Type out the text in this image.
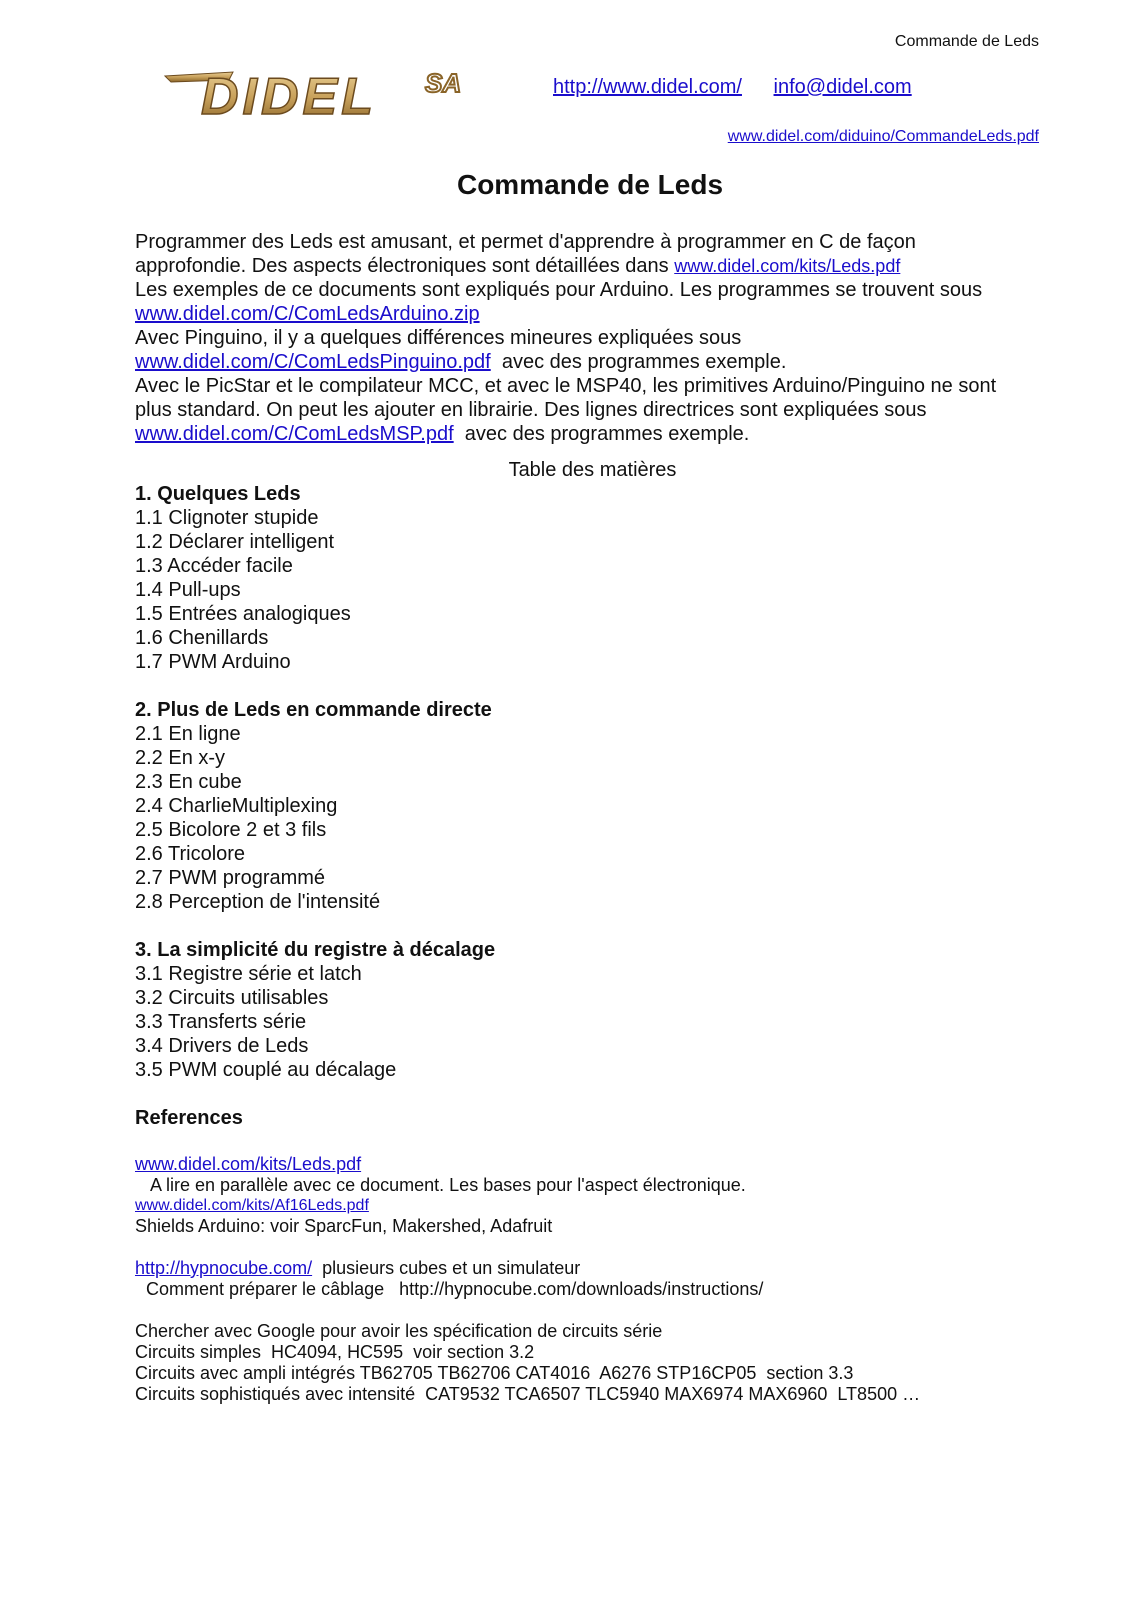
Commande de Leds
DIDEL SA	http://www.didel.com/ info@didel.com
www.didel.com/diduino/CommandeLeds.pdf
Commande de Leds
Programmer des Leds est amusant, et permet d'apprendre à programmer en C de façon
approfondie. Des aspects électroniques sont détaillées dans www.didel.com/kits/Leds.pdf
Les exemples de ce documents sont expliqués pour Arduino. Les programmes se trouvent sous
www.didel.com/C/ComLedsArduino.zip
Avec Pinguino, il y a quelques différences mineures expliquées sous
www.didel.com/C/ComLedsPinguino.pdf  avec des programmes exemple.
Avec le PicStar et le compilateur MCC, et avec le MSP40, les primitives Arduino/Pinguino ne sont
plus standard. On peut les ajouter en librairie. Des lignes directrices sont expliquées sous
www.didel.com/C/ComLedsMSP.pdf  avec des programmes exemple.
Table des matières
1. Quelques Leds
1.1 Clignoter stupide
1.2 Déclarer intelligent
1.3 Accéder facile
1.4 Pull-ups
1.5 Entrées analogiques
1.6 Chenillards
1.7 PWM Arduino
2. Plus de Leds en commande directe
2.1 En ligne
2.2 En x-y
2.3 En cube
2.4 CharlieMultiplexing
2.5 Bicolore 2 et 3 fils
2.6 Tricolore
2.7 PWM programmé
2.8 Perception de l'intensité
3. La simplicité du registre à décalage
3.1 Registre série et latch
3.2 Circuits utilisables
3.3 Transferts série
3.4 Drivers de Leds
3.5 PWM couplé au décalage
References
www.didel.com/kits/Leds.pdf
A lire en parallèle avec ce document. Les bases pour l'aspect électronique.
www.didel.com/kits/Af16Leds.pdf
Shields Arduino: voir SparcFun, Makershed, Adafruit
http://hypnocube.com/  plusieurs cubes et un simulateur
Comment préparer le câblage   http://hypnocube.com/downloads/instructions/
Chercher avec Google pour avoir les spécification de circuits série
Circuits simples  HC4094, HC595  voir section 3.2
Circuits avec ampli intégrés TB62705 TB62706 CAT4016  A6276 STP16CP05  section 3.3
Circuits sophistiqués avec intensité  CAT9532 TCA6507 TLC5940 MAX6974 MAX6960  LT8500 …
